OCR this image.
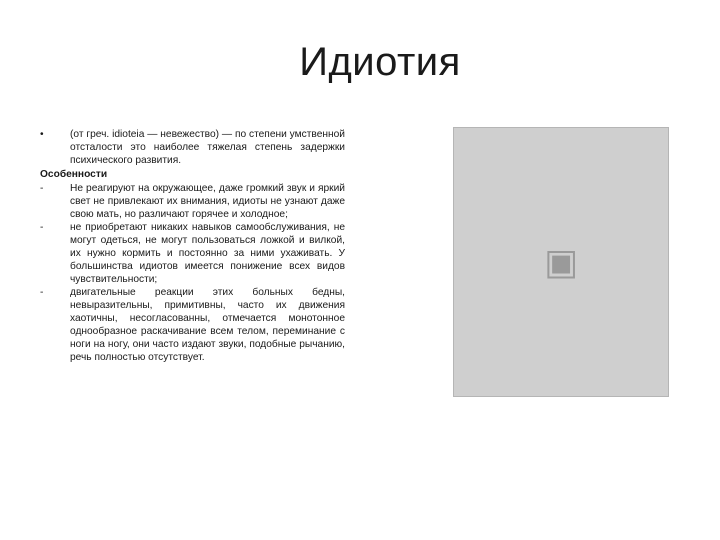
Идиотия
•	(от греч. idioteia — невежество) — по степени умственной отсталости это наиболее тяжелая степень задержки психического развития.
Особенности
-	Не реагируют на окружающее, даже громкий звук и яркий свет не привлекают их внимания, идиоты не узнают даже свою мать, но различают горячее и холодное;
-	не приобретают никаких навыков самообслуживания, не могут одеться, не могут пользоваться ложкой и вилкой, их нужно кормить и постоянно за ними ухаживать. У большинства идиотов имеется понижение всех видов чувствительности;
-	двигательные реакции этих больных бедны, невыразительны, примитивны, часто их движения хаотичны, несогласованны, отмечается монотонное однообразное раскачивание всем телом, переминание с ноги на ногу, они часто издают звуки, подобные рычанию, речь полностью отсутствует.
▣
